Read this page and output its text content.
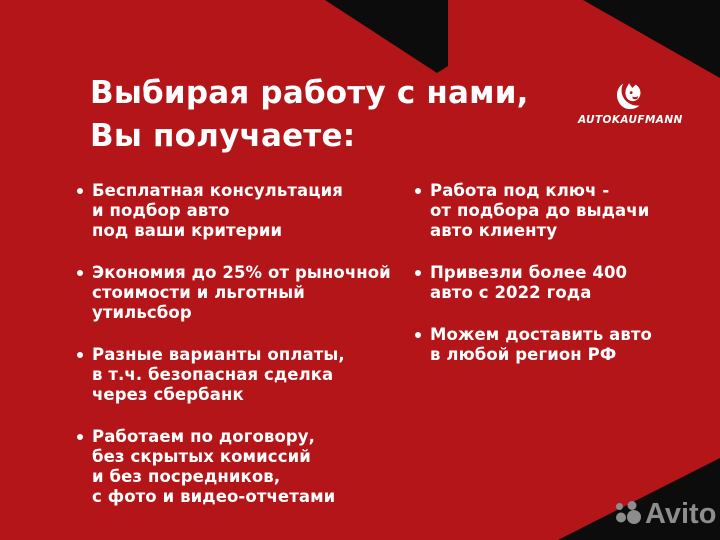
Выбирая работу с нами,
Вы получаете:	AUTOKAUFMANN
Бесплатная консультация
и подбор авто
под ваши критерии
Экономия до 25% от рыночной
стоимости и льготный утильсбор
Разные варианты оплаты,
в т.ч. безопасная сделка
через сбербанк
Работаем по договору,
без скрытых комиссий
и без посредников,
с фото и видео-отчетами
Работа под ключ -
от подбора до выдачи
авто клиенту
Привезли более 400
авто с 2022 года
Можем доставить авто
в любой регион РФ
Avito
